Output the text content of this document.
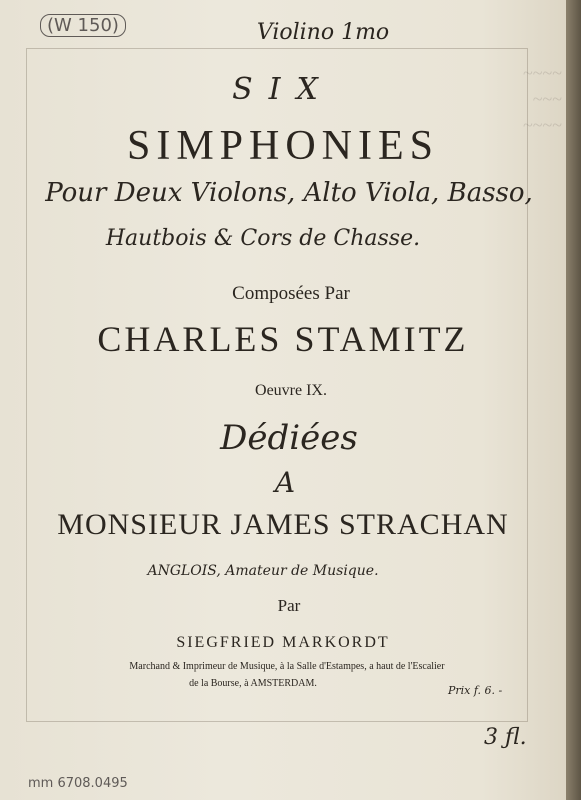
~~~~
~~~
~~~~
(W 150)	Violino 1mo
SIX
SIMPHONIES
Pour Deux Violons, Alto Viola, Basso,
Hautbois & Cors de Chasse.
Composées Par
CHARLES STAMITZ
Oeuvre IX.
Dédiées
A
MONSIEUR JAMES STRACHAN
ANGLOIS, Amateur de Musique.
Par
SIEGFRIED MARKORDT
Marchand & Imprimeur de Musique, à la Salle d'Estampes, a haut de l'Escalier
de la Bourse, à AMSTERDAM.
Prix f. 6. -
3 ƒl.
mm 6708.0495
